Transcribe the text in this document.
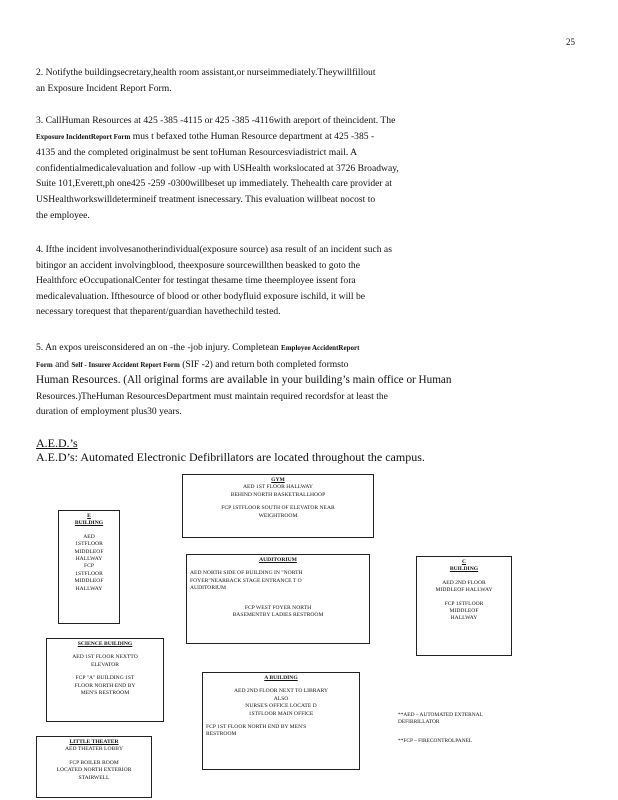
25
2. Notifythe buildingsecretary,health room assistant,or nurseimmediately.Theywillfillout
an Exposure Incident Report Form.
3. CallHuman Resources at 425 -385 -4115 or 425 -385 -4116with areport of theincident. The
Exposure IncidentReport Form mus t befaxed tothe Human Resource department at 425 -385 -
4135 and the completed originalmust be sent toHuman Resourcesviadistrict mail. A
confidentialmedicalevaluation and follow -up with USHealth workslocated at 3726 Broadway,
Suite 101,Everett,ph one425 -259 -0300willbeset up immediately. Thehealth care provider at
USHealthworkswilldetermineif treatment isnecessary. This evaluation willbeat nocost to
the employee.
4. Ifthe incident involvesanotherindividual(exposure source) asa result of an incident such as
bitingor an accident involvingblood, theexposure sourcewillthen beasked to goto the
Healthforc eOccupationalCenter for testingat thesame time theemployee issent fora
medicalevaluation. Ifthesource of blood or other bodyfluid exposure ischild, it will be
necessary torequest that theparent/guardian havethechild tested.
5. An expos ureisconsidered an on -the -job injury. Completean Employee AccidentReport
Form and Self - Insurer Accident Report Form (SIF -2) and return both completed formsto
Human Resources. (All original forms are available in your building’s main office or Human
Resources.)TheHuman ResourcesDepartment must maintain required recordsfor at least the
duration of employment plus30 years.
A.E.D.’s
A.E.D’s: Automated Electronic Defibrillators are located throughout the campus.
GYM
AED 1ST FLOOR HALLWAY
BEHIND NORTH BASKETBALLHOOP
FCP 1STFLOOR SOUTH OF ELEVATOR NEAR
WEIGHTROOM
E
BUILDING
AED
1STFLOOR
MIDDLEOF
HALLWAY
FCP
1STFLOOR
MIDDLEOF
HALLWAY
AUDITORIUM
AED NORTH SIDE OF BUILDING IN "NORTH
FOYER"NEARBACK STAGE ENTRANCE T O
AUDITORIUM
FCP WEST FOYER NORTH
BASEMENTBY LADIES RESTROOM
C
BUILDING
AED 2ND FLOOR
MIDDLEOF HALLWAY
FCP 1STFLOOR
MIDDLEOF
HALLWAY
SCIENCE BUILDING
AED 1ST FLOOR NEXTTO
ELEVATOR
FCP "A" BUILDING 1ST
FLOOR NORTH END BY
MEN'S RESTROOM
A BUILDING
AED 2ND FLOOR NEXT TO LIBRARY
ALSO
NURSE'S OFFICE LOCATE D
1STFLOOR MAIN OFFICE
FCP 1ST FLOOR NORTH END BY MEN'S
RESTROOM
LITTLE THEATER
AED THEATER LOBBY
FCP BOILER ROOM
LOCATED NORTH EXTERIOR
STAIRWELL
**AED – AUTOMATED EXTERNAL
DEFIBRILLATOR
**FCP – FIRECONTROLPANEL
